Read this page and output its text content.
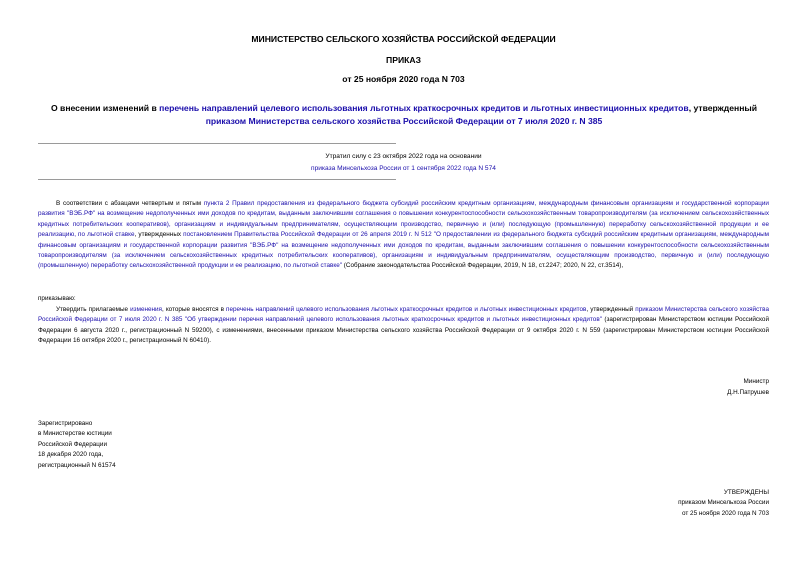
МИНИСТЕРСТВО СЕЛЬСКОГО ХОЗЯЙСТВА РОССИЙСКОЙ ФЕДЕРАЦИИ
ПРИКАЗ
от 25 ноября 2020 года N 703
О внесении изменений в перечень направлений целевого использования льготных краткосрочных кредитов и льготных инвестиционных кредитов, утвержденный приказом Министерства сельского хозяйства Российской Федерации от 7 июля 2020 г. N 385
Утратил силу с 23 октября 2022 года на основании
приказа Минсельхоза России от 1 сентября 2022 года N 574
В соответствии с абзацами четвертым и пятым пункта 2 Правил предоставления из федерального бюджета субсидий российским кредитным организациям, международным финансовым организациям и государственной корпорации развития "ВЭБ.РФ" на возмещение недополученных ими доходов по кредитам, выданным заключившим соглашения о повышении конкурентоспособности сельскохозяйственным товаропроизводителям (за исключением сельскохозяйственных кредитных потребительских кооперативов), организациям и индивидуальным предпринимателям, осуществляющим производство, первичную и (или) последующую (промышленную) переработку сельскохозяйственной продукции и ее реализацию, по льготной ставке, утвержденных постановлением Правительства Российской Федерации от 26 апреля 2019 г. N 512 "О предоставлении из федерального бюджета субсидий российским кредитным организациям, международным финансовым организациям и государственной корпорации развития "ВЭБ.РФ" на возмещение недополученных ими доходов по кредитам, выданным заключившим соглашения о повышении конкурентоспособности сельскохозяйственным товаропроизводителям (за исключением сельскохозяйственных кредитных потребительских кооперативов), организациям и индивидуальным предпринимателям, осуществляющим производство, первичную и (или) последующую (промышленную) переработку сельскохозяйственной продукции и ее реализацию, по льготной ставке" (Собрание законодательства Российской Федерации, 2019, N 18, ст.2247; 2020, N 22, ст.3514),
приказываю:
Утвердить прилагаемые изменения, которые вносятся в перечень направлений целевого использования льготных краткосрочных кредитов и льготных инвестиционных кредитов, утвержденный приказом Министерства сельского хозяйства Российской Федерации от 7 июля 2020 г. N 385 "Об утверждении перечня направлений целевого использования льготных краткосрочных кредитов и льготных инвестиционных кредитов" (зарегистрирован Министерством юстиции Российской Федерации 6 августа 2020 г., регистрационный N 59200), с изменениями, внесенными приказом Министерства сельского хозяйства Российской Федерации от 9 октября 2020 г. N 559 (зарегистрирован Министерством юстиции Российской Федерации 16 октября 2020 г., регистрационный N 60410).
Министр
Д.Н.Патрушев
Зарегистрировано
в Министерстве юстиции
Российской Федерации
18 декабря 2020 года,
регистрационный N 61574
УТВЕРЖДЕНЫ
приказом Минсельхоза России
от 25 ноября 2020 года N 703
